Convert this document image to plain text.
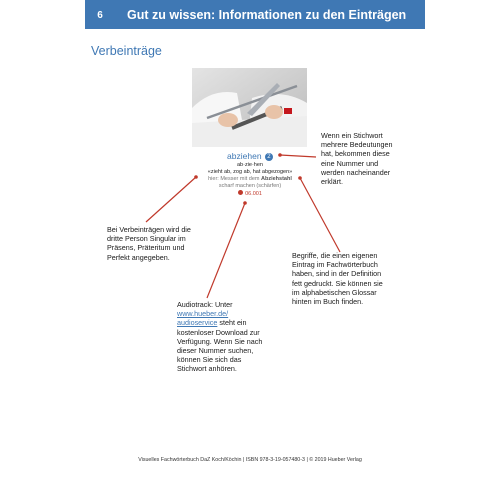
6	Gut zu wissen: Informationen zu den Einträgen
Verbeinträge
abziehen 2
ab·zie·hen
«zieht ab, zog ab, hat abgezogen»
hier: Messer mit dem Abziehstahl
scharf machen (schärfen)
06.001
Wenn ein Stichwort mehrere Bedeutungen hat, bekommen diese eine Nummer und werden nacheinander erklärt.
Bei Verbeinträgen wird die dritte Person Singular im Präsens, Präteritum und Perfekt angegeben.	Begriffe, die einen eigenen Eintrag im Fachwörterbuch haben, sind in der Definition fett gedruckt. Sie können sie im alphabetischen Glossar hinten im Buch finden.
Audiotrack: Unter www.hueber.de/ audioservice steht ein kostenloser Download zur Verfügung. Wenn Sie nach dieser Nummer suchen, können Sie sich das Stichwort anhören.
Visuelles Fachwörterbuch DaZ Koch/Köchin | ISBN 978-3-19-057480-3 | © 2019 Hueber Verlag
